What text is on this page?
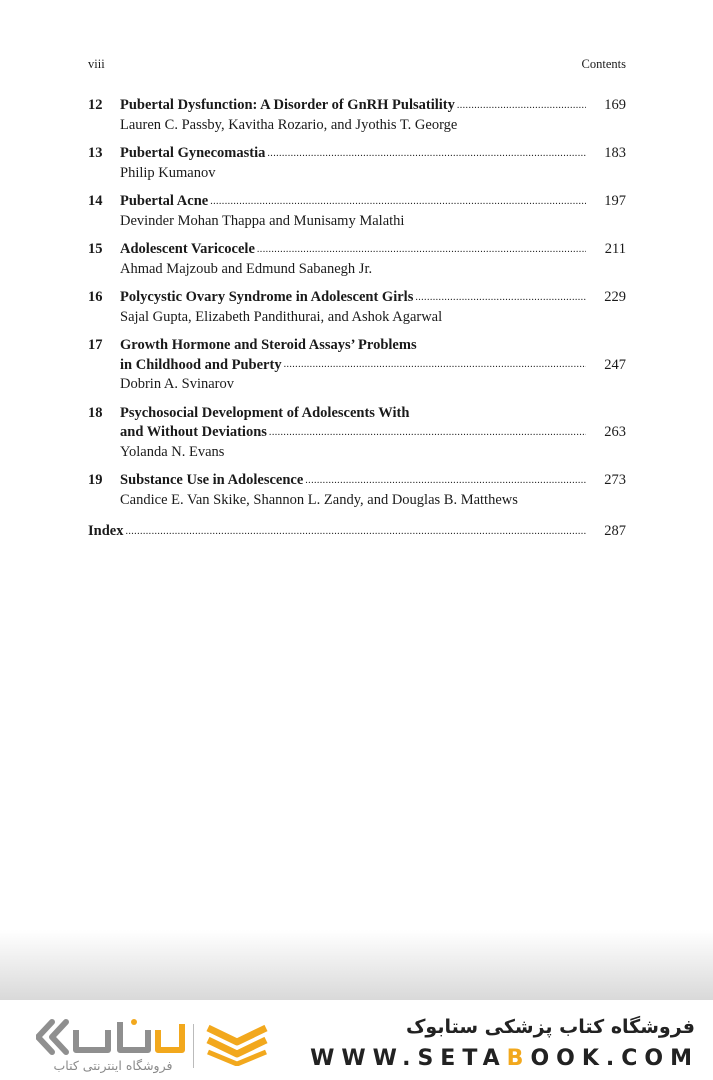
viii	Contents
12	Pubertal Dysfunction: A Disorder of GnRH Pulsatility .....	169
Lauren C. Passby, Kavitha Rozario, and Jyothis T. George
13	Pubertal Gynecomastia .....	183
Philip Kumanov
14	Pubertal Acne .....	197
Devinder Mohan Thappa and Munisamy Malathi
15	Adolescent Varicocele .....	211
Ahmad Majzoub and Edmund Sabanegh Jr.
16	Polycystic Ovary Syndrome in Adolescent Girls .....	229
Sajal Gupta, Elizabeth Pandithurai, and Ashok Agarwal
17	Growth Hormone and Steroid Assays’ Problems
in Childhood and Puberty .....	247
Dobrin A. Svinarov
18	Psychosocial Development of Adolescents With
and Without Deviations .....	263
Yolanda N. Evans
19	Substance Use in Adolescence .....	273
Candice E. Van Skike, Shannon L. Zandy, and Douglas B. Matthews
Index .....	287
فروشگاه اینترنتی کتاب
فروشگاه کتاب پزشکی ستابوک
WWW.SETABOOK.COM
